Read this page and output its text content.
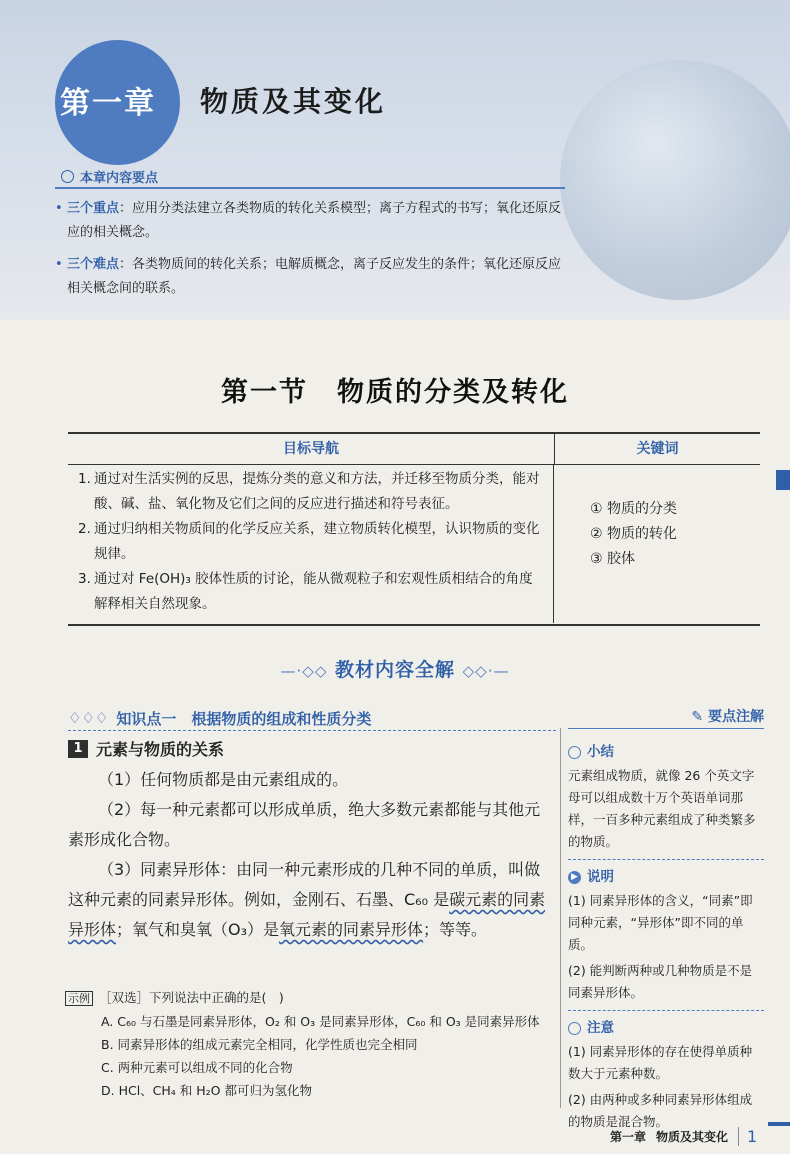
第一章	物质及其变化
本章内容要点
• 三个重点：应用分类法建立各类物质的转化关系模型；离子方程式的书写；氧化还原反应的相关概念。
• 三个难点：各类物质间的转化关系；电解质概念，离子反应发生的条件；氧化还原反应相关概念间的联系。
第一节　物质的分类及转化
目标导航	关键词
1. 通过对生活实例的反思，提炼分类的意义和方法，并迁移至物质分类，能对酸、碱、盐、氧化物及它们之间的反应进行描述和符号表征。
2. 通过归纳相关物质间的化学反应关系，建立物质转化模型，认识物质的变化规律。
3. 通过对 Fe(OH)₃ 胶体性质的讨论，能从微观粒子和宏观性质相结合的角度解释相关自然现象。
① 物质的分类
② 物质的转化
③ 胶体
—·◇◇ 教材内容全解 ◇◇·—
♢♢♢ 知识点一　根据物质的组成和性质分类	✎ 要点注解
1 元素与物质的关系

（1）任何物质都是由元素组成的。

（2）每一种元素都可以形成单质，绝大多数元素都能与其他元素形成化合物。

（3）同素异形体：由同一种元素形成的几种不同的单质，叫做这种元素的同素异形体。例如，金刚石、石墨、C₆₀ 是碳元素的同素异形体；氧气和臭氧（O₃）是氧元素的同素异形体；等等。

示例 ［双选］下列说法中正确的是(　)
A. C₆₀ 与石墨是同素异形体，O₂ 和 O₃ 是同素异形体，C₆₀ 和 O₃ 是同素异形体
B. 同素异形体的组成元素完全相同，化学性质也完全相同
C. 两种元素可以组成不同的化合物
D. HCl、CH₄ 和 H₂O 都可归为氢化物
小结
元素组成物质，就像 26 个英文字母可以组成数十万个英语单词那样，一百多种元素组成了种类繁多的物质。
▶ 说明
(1) 同素异形体的含义，“同素”即同种元素，“异形体”即不同的单质。
(2) 能判断两种或几种物质是不是同素异形体。
注意
(1) 同素异形体的存在使得单质种数大于元素种数。
(2) 由两种或多种同素异形体组成的物质是混合物。
第一章 物质及其变化	1
